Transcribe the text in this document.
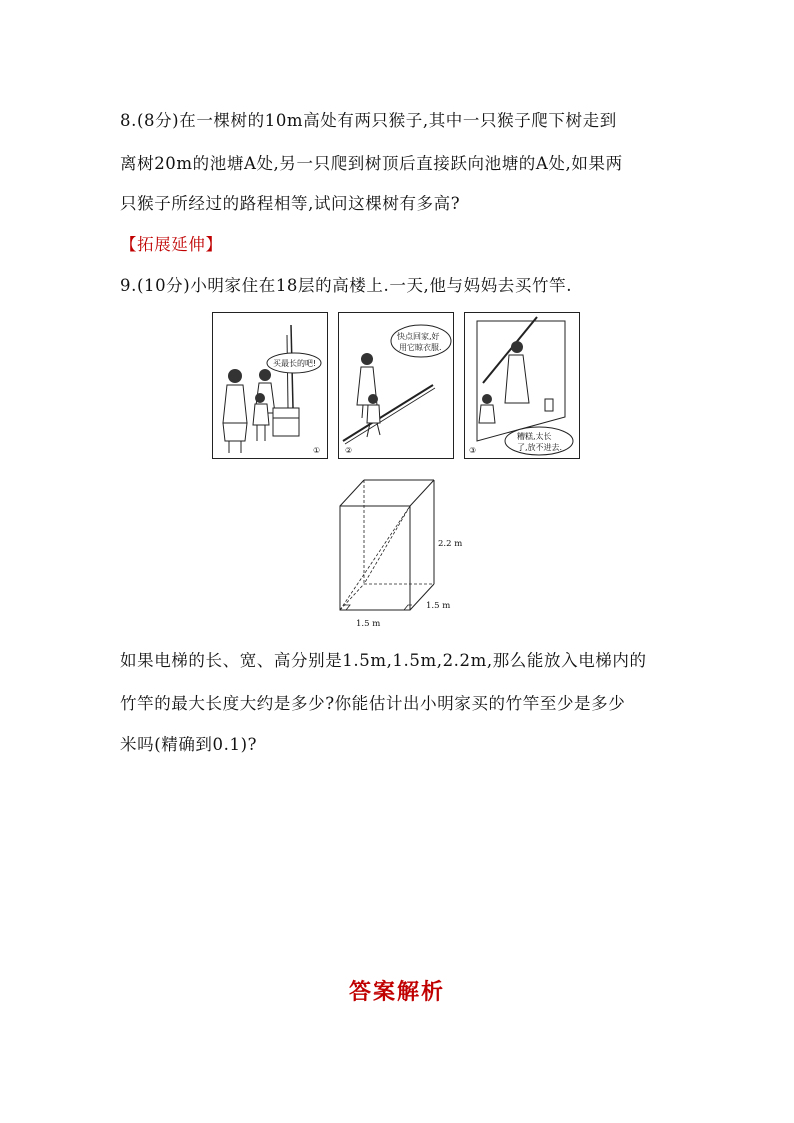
8.(8分)在一棵树的10m高处有两只猴子,其中一只猴子爬下树走到
离树20m的池塘A处,另一只爬到树顶后直接跃向池塘的A处,如果两
只猴子所经过的路程相等,试问这棵树有多高?
【拓展延伸】
9.(10分)小明家住在18层的高楼上.一天,他与妈妈去买竹竿.
买最长的吧!
①
快点回家,好
用它晾衣服.
②
糟糕,太长
了,放不进去.
③
2.2 m
1.5 m
1.5 m
如果电梯的长、宽、高分别是1.5m,1.5m,2.2m,那么能放入电梯内的
竹竿的最大长度大约是多少?你能估计出小明家买的竹竿至少是多少
米吗(精确到0.1)?
答案解析
